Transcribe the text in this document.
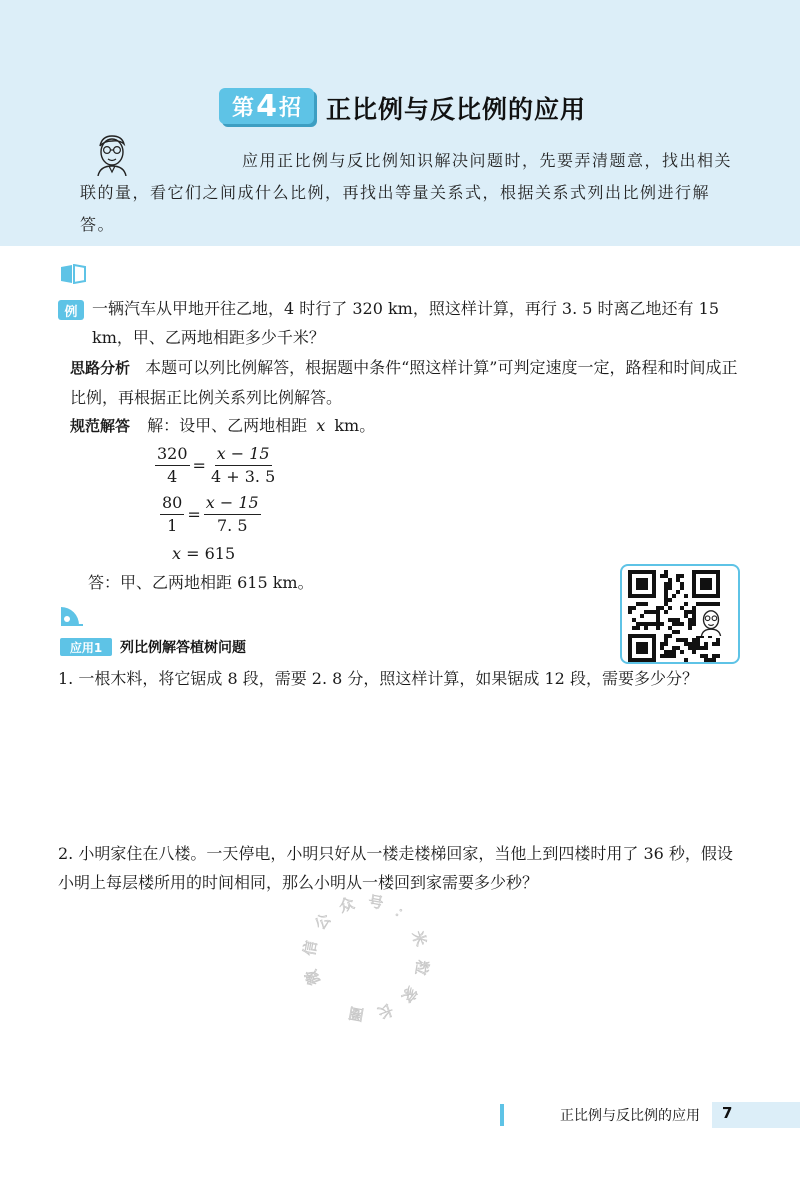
第 4 招 正比例与反比例的应用
应用正比例与反比例知识解决问题时，先要弄清题意，找出相关联的量，看它们之间成什么比例，再找出等量关系式，根据关系式列出比例进行解答。
例 一辆汽车从甲地开往乙地，4 时行了 320 km，照这样计算，再行 3. 5 时离乙地还有 15 km，甲、乙两地相距多少千米？
思路分析 本题可以列比例解答，根据题中条件“照这样计算”可判定速度一定，路程和时间成正比例，再根据正比例关系列比例解答。
规范解答 解：设甲、乙两地相距 x km。
$\frac{320}{4} = \frac{x - 15}{4 + 3. 5}$
$\frac{80}{1} = \frac{x - 15}{7. 5}$
x = 615
答：甲、乙两地相距 615 km。
应用1	列比例解答植树问题
1. 一根木料，将它锯成 8 段，需要 2. 8 分，照这样计算，如果锯成 12 段，需要多少分？
2. 小明家住在八楼。一天停电，小明只好从一楼走楼梯回家，当他上到四楼时用了 36 秒，假设小明上每层楼所用的时间相同，那么小明从一楼回到家需要多少秒？
微
信
公
众 号
：
米
粒
家
长
圈
正比例与反比例的应用 7
